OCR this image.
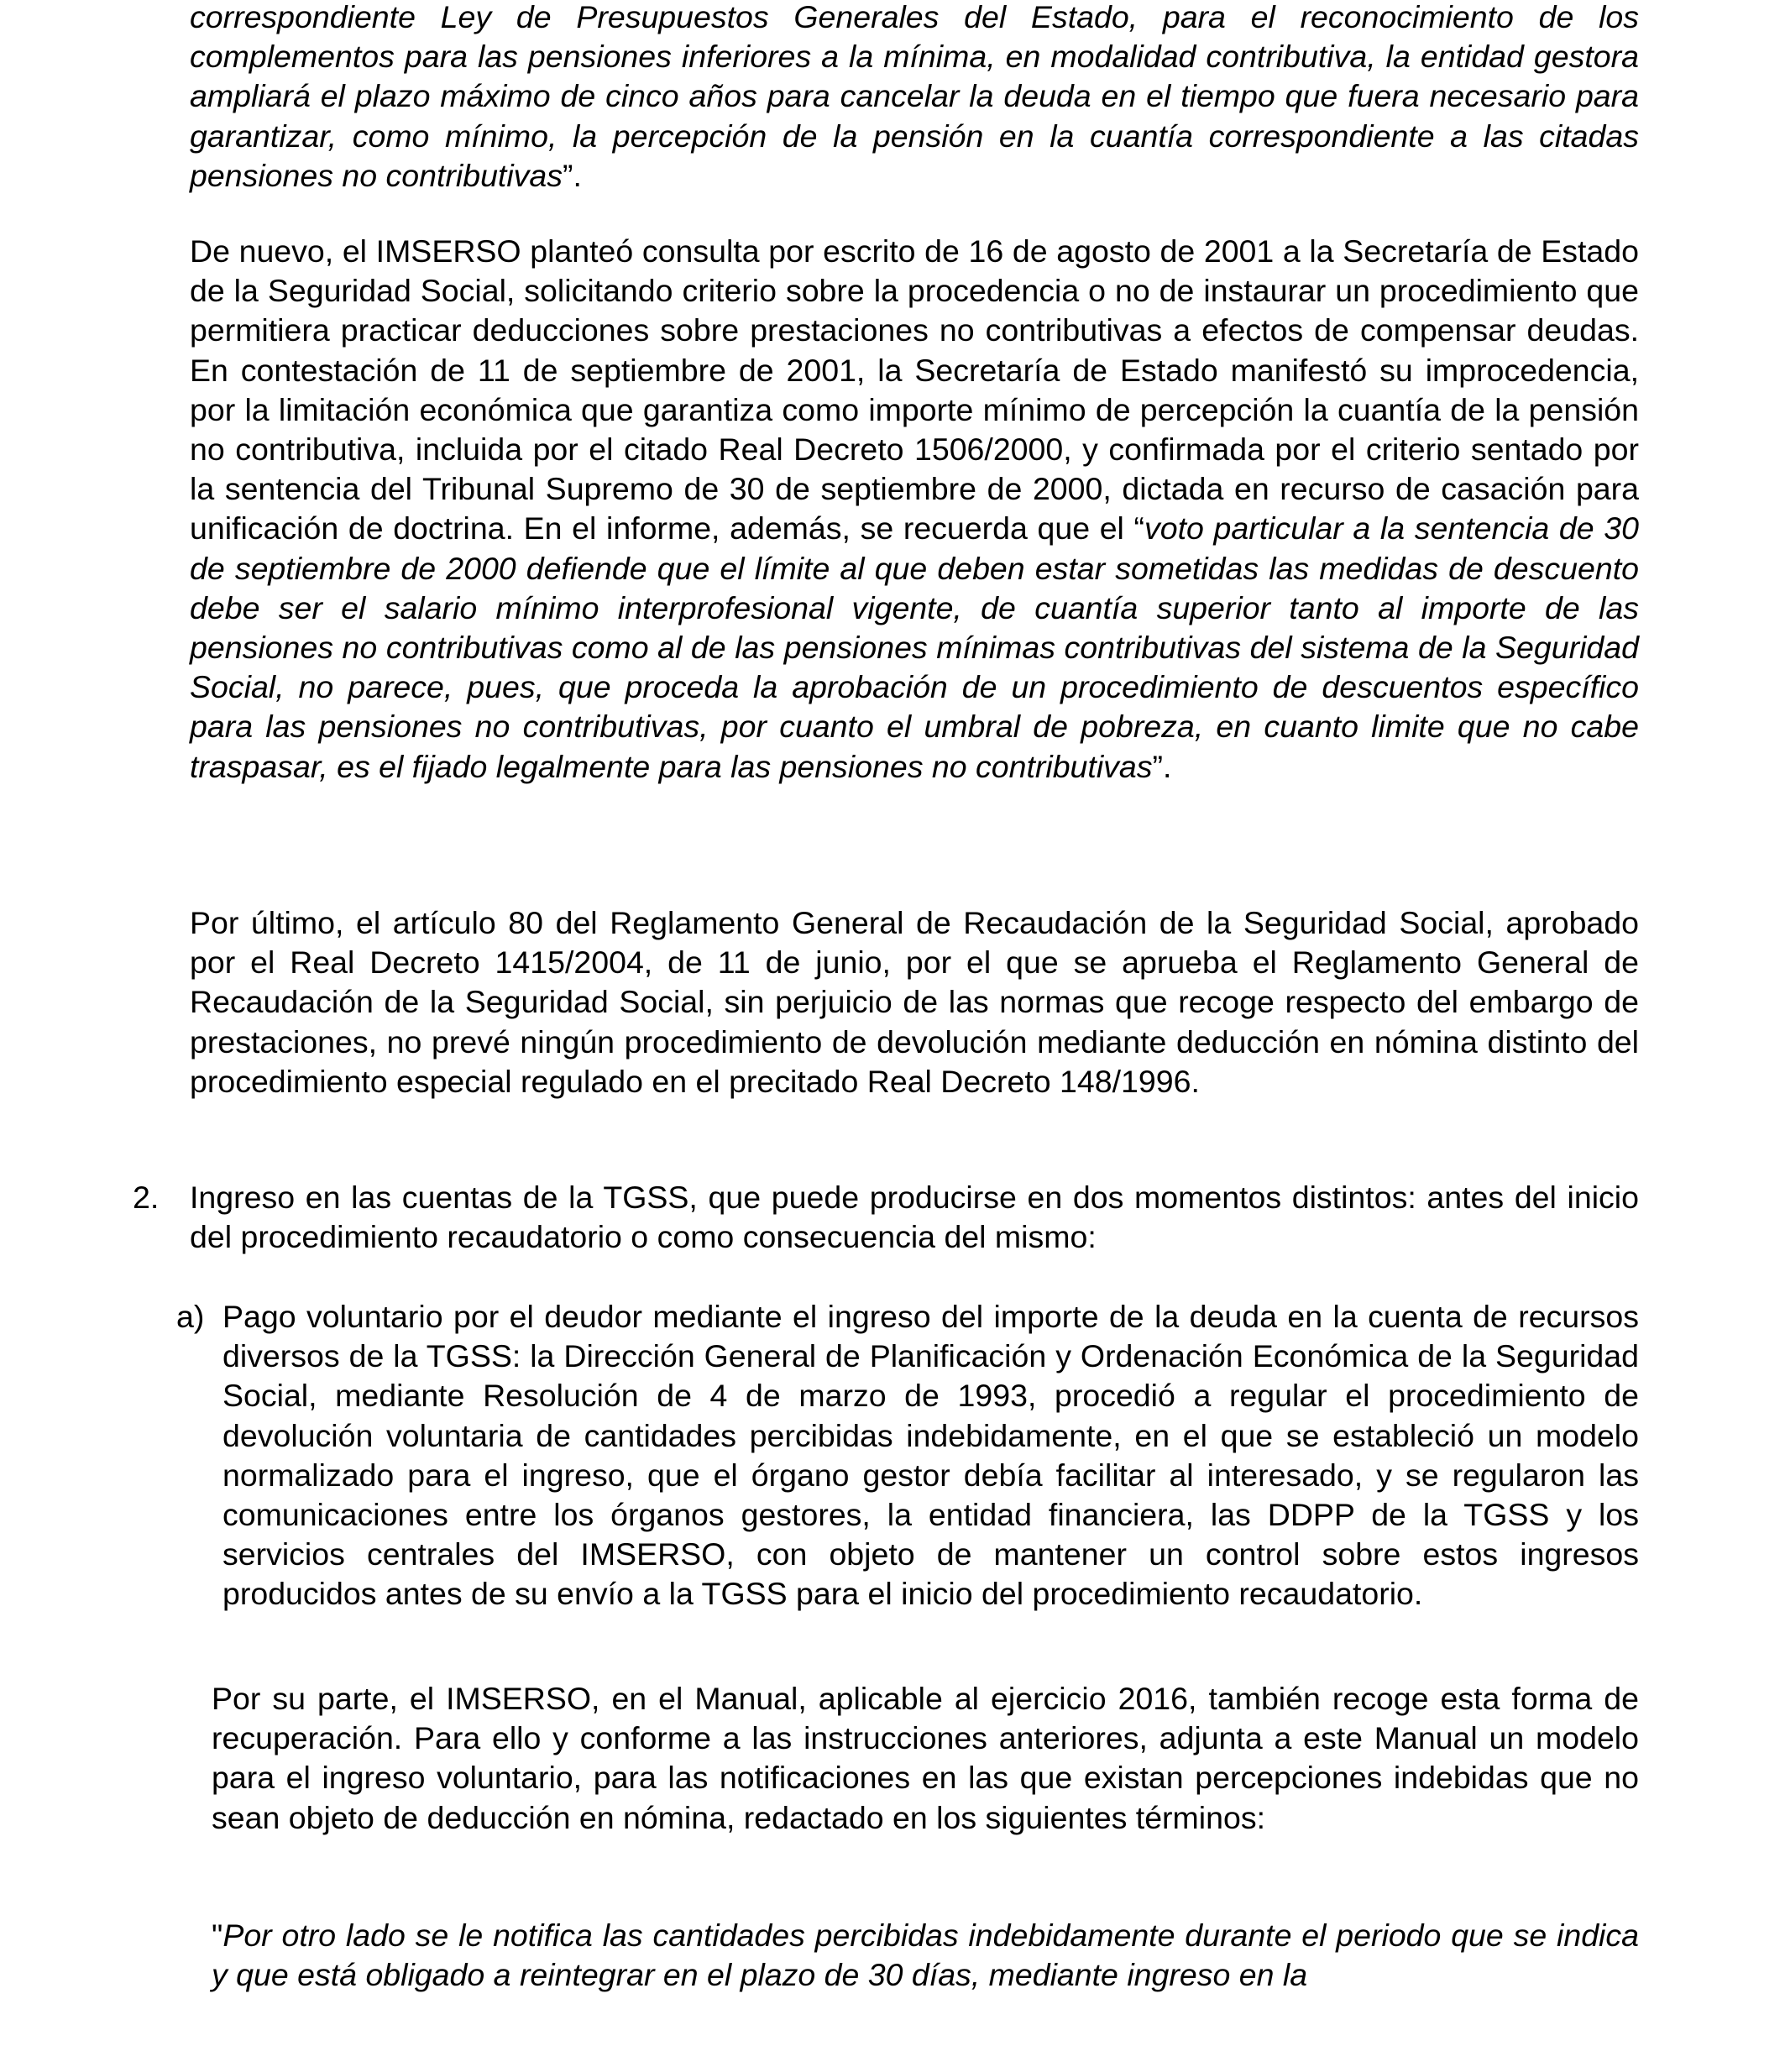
correspondiente Ley de Presupuestos Generales del Estado, para el reconocimiento de los complementos para las pensiones inferiores a la mínima, en modalidad contributiva, la entidad gestora ampliará el plazo máximo de cinco años para cancelar la deuda en el tiempo que fuera necesario para garantizar, como mínimo, la percepción de la pensión en la cuantía correspondiente a las citadas pensiones no contributivas”.

De nuevo, el IMSERSO planteó consulta por escrito de 16 de agosto de 2001 a la Secretaría de Estado de la Seguridad Social, solicitando criterio sobre la procedencia o no de instaurar un procedimiento que permitiera practicar deducciones sobre prestaciones no contributivas a efectos de compensar deudas. En contestación de 11 de septiembre de 2001, la Secretaría de Estado manifestó su improcedencia, por la limitación económica que garantiza como importe mínimo de percepción la cuantía de la pensión no contributiva, incluida por el citado Real Decreto 1506/2000, y confirmada por el criterio sentado por la sentencia del Tribunal Supremo de 30 de septiembre de 2000, dictada en recurso de casación para unificación de doctrina. En el informe, además, se recuerda que el “voto particular a la sentencia de 30 de septiembre de 2000 defiende que el límite al que deben estar sometidas las medidas de descuento debe ser el salario mínimo interprofesional vigente, de cuantía superior tanto al importe de las pensiones no contributivas como al de las pensiones mínimas contributivas del sistema de la Seguridad Social, no parece, pues, que proceda la aprobación de un procedimiento de descuentos específico para las pensiones no contributivas, por cuanto el umbral de pobreza, en cuanto limite que no cabe traspasar, es el fijado legalmente para las pensiones no contributivas”.

Por último, el artículo 80 del Reglamento General de Recaudación de la Seguridad Social, aprobado por el Real Decreto 1415/2004, de 11 de junio, por el que se aprueba el Reglamento General de Recaudación de la Seguridad Social, sin perjuicio de las normas que recoge respecto del embargo de prestaciones, no prevé ningún procedimiento de devolución mediante deducción en nómina distinto del procedimiento especial regulado en el precitado Real Decreto 148/1996.

2. Ingreso en las cuentas de la TGSS, que puede producirse en dos momentos distintos: antes del inicio del procedimiento recaudatorio o como consecuencia del mismo:

a) Pago voluntario por el deudor mediante el ingreso del importe de la deuda en la cuenta de recursos diversos de la TGSS: la Dirección General de Planificación y Ordenación Económica de la Seguridad Social, mediante Resolución de 4 de marzo de 1993, procedió a regular el procedimiento de devolución voluntaria de cantidades percibidas indebidamente, en el que se estableció un modelo normalizado para el ingreso, que el órgano gestor debía facilitar al interesado, y se regularon las comunicaciones entre los órganos gestores, la entidad financiera, las DDPP de la TGSS y los servicios centrales del IMSERSO, con objeto de mantener un control sobre estos ingresos producidos antes de su envío a la TGSS para el inicio del procedimiento recaudatorio.

Por su parte, el IMSERSO, en el Manual, aplicable al ejercicio 2016, también recoge esta forma de recuperación. Para ello y conforme a las instrucciones anteriores, adjunta a este Manual un modelo para el ingreso voluntario, para las notificaciones en las que existan percepciones indebidas que no sean objeto de deducción en nómina, redactado en los siguientes términos:

"Por otro lado se le notifica las cantidades percibidas indebidamente durante el periodo que se indica y que está obligado a reintegrar en el plazo de 30 días, mediante ingreso en la
